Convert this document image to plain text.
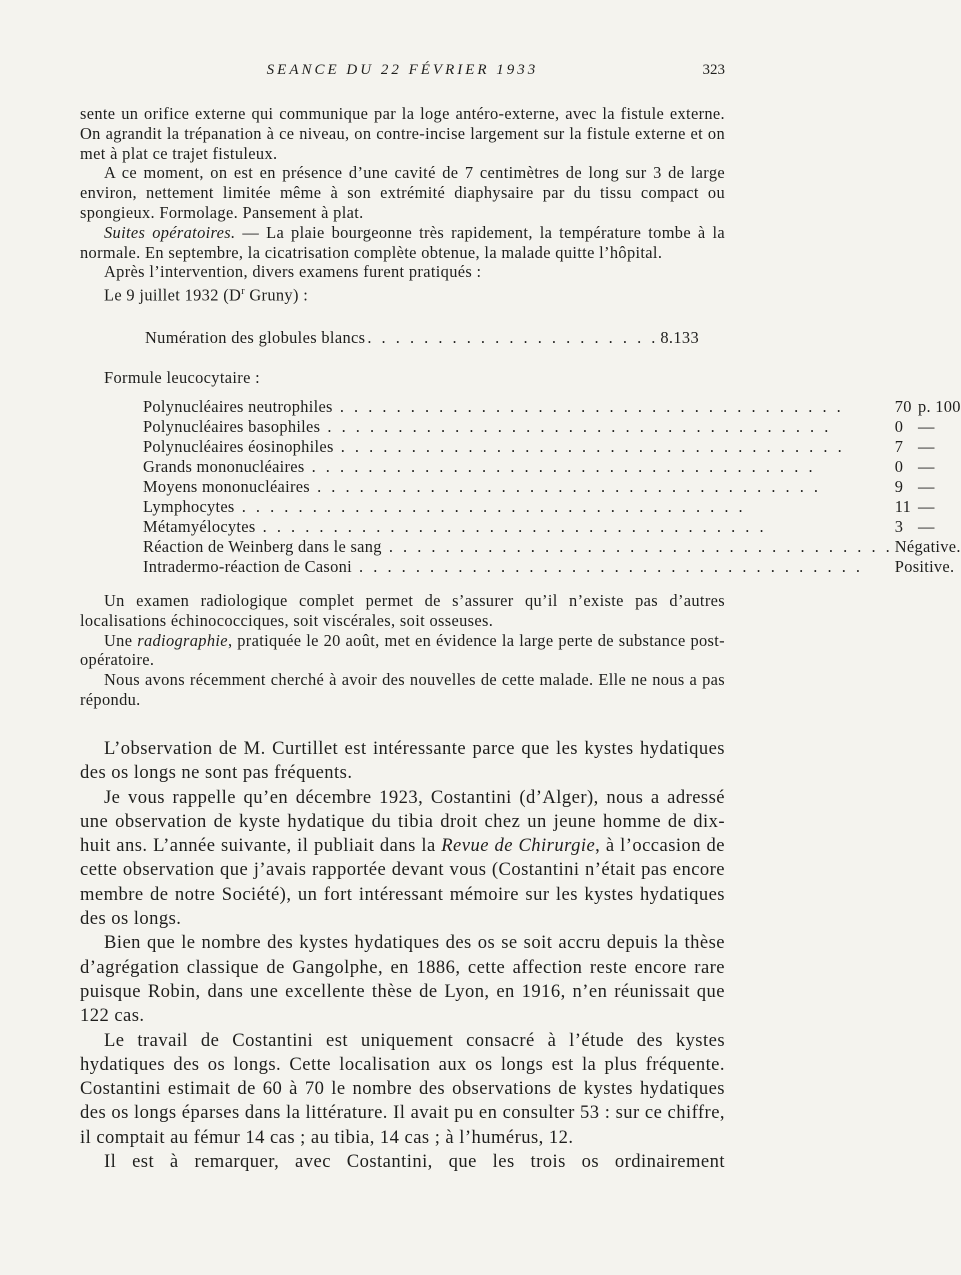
SEANCE DU 22 FÉVRIER 1933	323

sente un orifice externe qui communique par la loge antéro-externe, avec la fistule externe. On agrandit la trépanation à ce niveau, on contre-incise largement sur la fistule externe et on met à plat ce trajet fistuleux.

A ce moment, on est en présence d’une cavité de 7 centimètres de long sur 3 de large environ, nettement limitée même à son extrémité diaphysaire par du tissu compact ou spongieux. Formolage. Pansement à plat.

Suites opératoires. — La plaie bourgeonne très rapidement, la température tombe à la normale. En septembre, la cicatrisation complète obtenue, la malade quitte l’hôpital.

Après l’intervention, divers examens furent pratiqués :

Le 9 juillet 1932 ($D^r$ Gruny) :

Numération des globules blancs . . . . . . . . . . . . . . . . . . . . . 8.133
Formule leucocytaire :
Polynucléaires neutrophiles . . . . . . . . . . . . . . . . . . . . . . . . . . . . . . . . . . . .	70	p. 100
Polynucléaires basophiles . . . . . . . . . . . . . . . . . . . . . . . . . . . . . . . . . . . .	0	—
Polynucléaires éosinophiles . . . . . . . . . . . . . . . . . . . . . . . . . . . . . . . . . . . .	7	—
Grands mononucléaires . . . . . . . . . . . . . . . . . . . . . . . . . . . . . . . . . . . .	0	—
Moyens mononucléaires . . . . . . . . . . . . . . . . . . . . . . . . . . . . . . . . . . . .	9	—
Lymphocytes . . . . . . . . . . . . . . . . . . . . . . . . . . . . . . . . . . . .	11	—
Métamyélocytes . . . . . . . . . . . . . . . . . . . . . . . . . . . . . . . . . . . .	3	—
Réaction de Weinberg dans le sang . . . . . . . . . . . . . . . . . . . . . . . . . . . . . . . . . . . .	Négative.	
Intradermo-réaction de Casoni . . . . . . . . . . . . . . . . . . . . . . . . . . . . . . . . . . . .	Positive.	

Un examen radiologique complet permet de s’assurer qu’il n’existe pas d’autres localisations échinococciques, soit viscérales, soit osseuses.

Une radiographie, pratiquée le 20 août, met en évidence la large perte de substance post-opératoire.

Nous avons récemment cherché à avoir des nouvelles de cette malade. Elle ne nous a pas répondu.

L’observation de M. Curtillet est intéressante parce que les kystes hydatiques des os longs ne sont pas fréquents.

Je vous rappelle qu’en décembre 1923, Costantini (d’Alger), nous a adressé une observation de kyste hydatique du tibia droit chez un jeune homme de dix-huit ans. L’année suivante, il publiait dans la Revue de Chirurgie, à l’occasion de cette observation que j’avais rapportée devant vous (Costantini n’était pas encore membre de notre Société), un fort intéressant mémoire sur les kystes hydatiques des os longs.

Bien que le nombre des kystes hydatiques des os se soit accru depuis la thèse d’agrégation classique de Gangolphe, en 1886, cette affection reste encore rare puisque Robin, dans une excellente thèse de Lyon, en 1916, n’en réunissait que 122 cas.

Le travail de Costantini est uniquement consacré à l’étude des kystes hydatiques des os longs. Cette localisation aux os longs est la plus fréquente. Costantini estimait de 60 à 70 le nombre des observations de kystes hydatiques des os longs éparses dans la littérature. Il avait pu en consulter 53 : sur ce chiffre, il comptait au fémur 14 cas ; au tibia, 14 cas ; à l’humérus, 12.

Il est à remarquer, avec Costantini, que les trois os ordinairement
